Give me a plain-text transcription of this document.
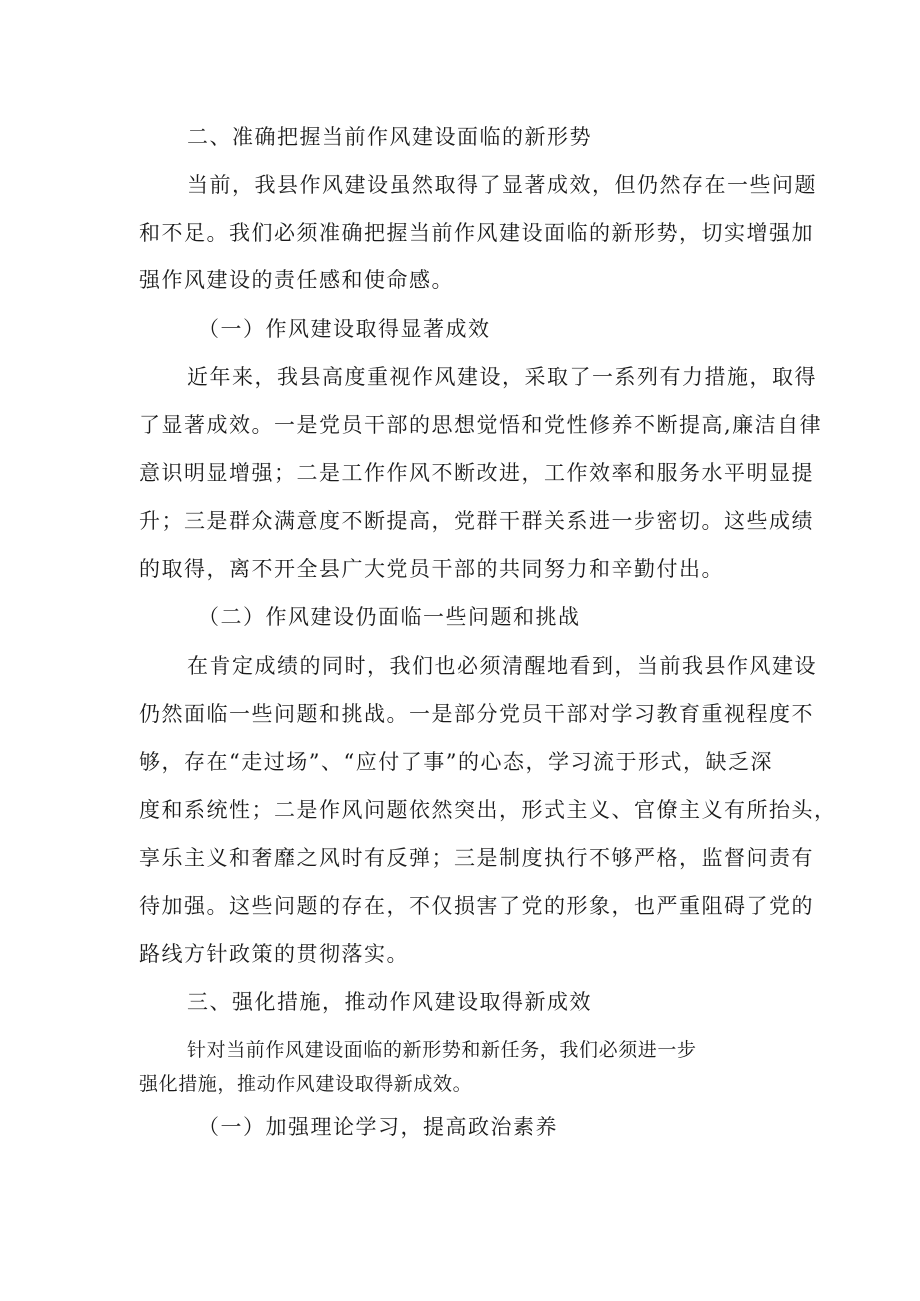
二、准确把握当前作风建设面临的新形势
当前，我县作风建设虽然取得了显著成效，但仍然存在一些问题
和不足。我们必须准确把握当前作风建设面临的新形势，切实增强加
强作风建设的责任感和使命感。
（一）作风建设取得显著成效
近年来，我县高度重视作风建设，采取了一系列有力措施，取得
了显著成效。一是党员干部的思想觉悟和党性修养不断提高,廉洁自律
意识明显增强；二是工作作风不断改进，工作效率和服务水平明显提
升；三是群众满意度不断提高，党群干群关系进一步密切。这些成绩
的取得，离不开全县广大党员干部的共同努力和辛勤付出。
（二）作风建设仍面临一些问题和挑战
在肯定成绩的同时，我们也必须清醒地看到，当前我县作风建设
仍然面临一些问题和挑战。一是部分党员干部对学习教育重视程度不
够，存在“走过场”、“应付了事”的心态，学习流于形式，缺乏深
度和系统性；二是作风问题依然突出，形式主义、官僚主义有所抬头，
享乐主义和奢靡之风时有反弹；三是制度执行不够严格，监督问责有
待加强。这些问题的存在，不仅损害了党的形象，也严重阻碍了党的
路线方针政策的贯彻落实。
三、强化措施，推动作风建设取得新成效
针对当前作风建设面临的新形势和新任务，我们必须进一步
强化措施，推动作风建设取得新成效。
（一）加强理论学习，提高政治素养
